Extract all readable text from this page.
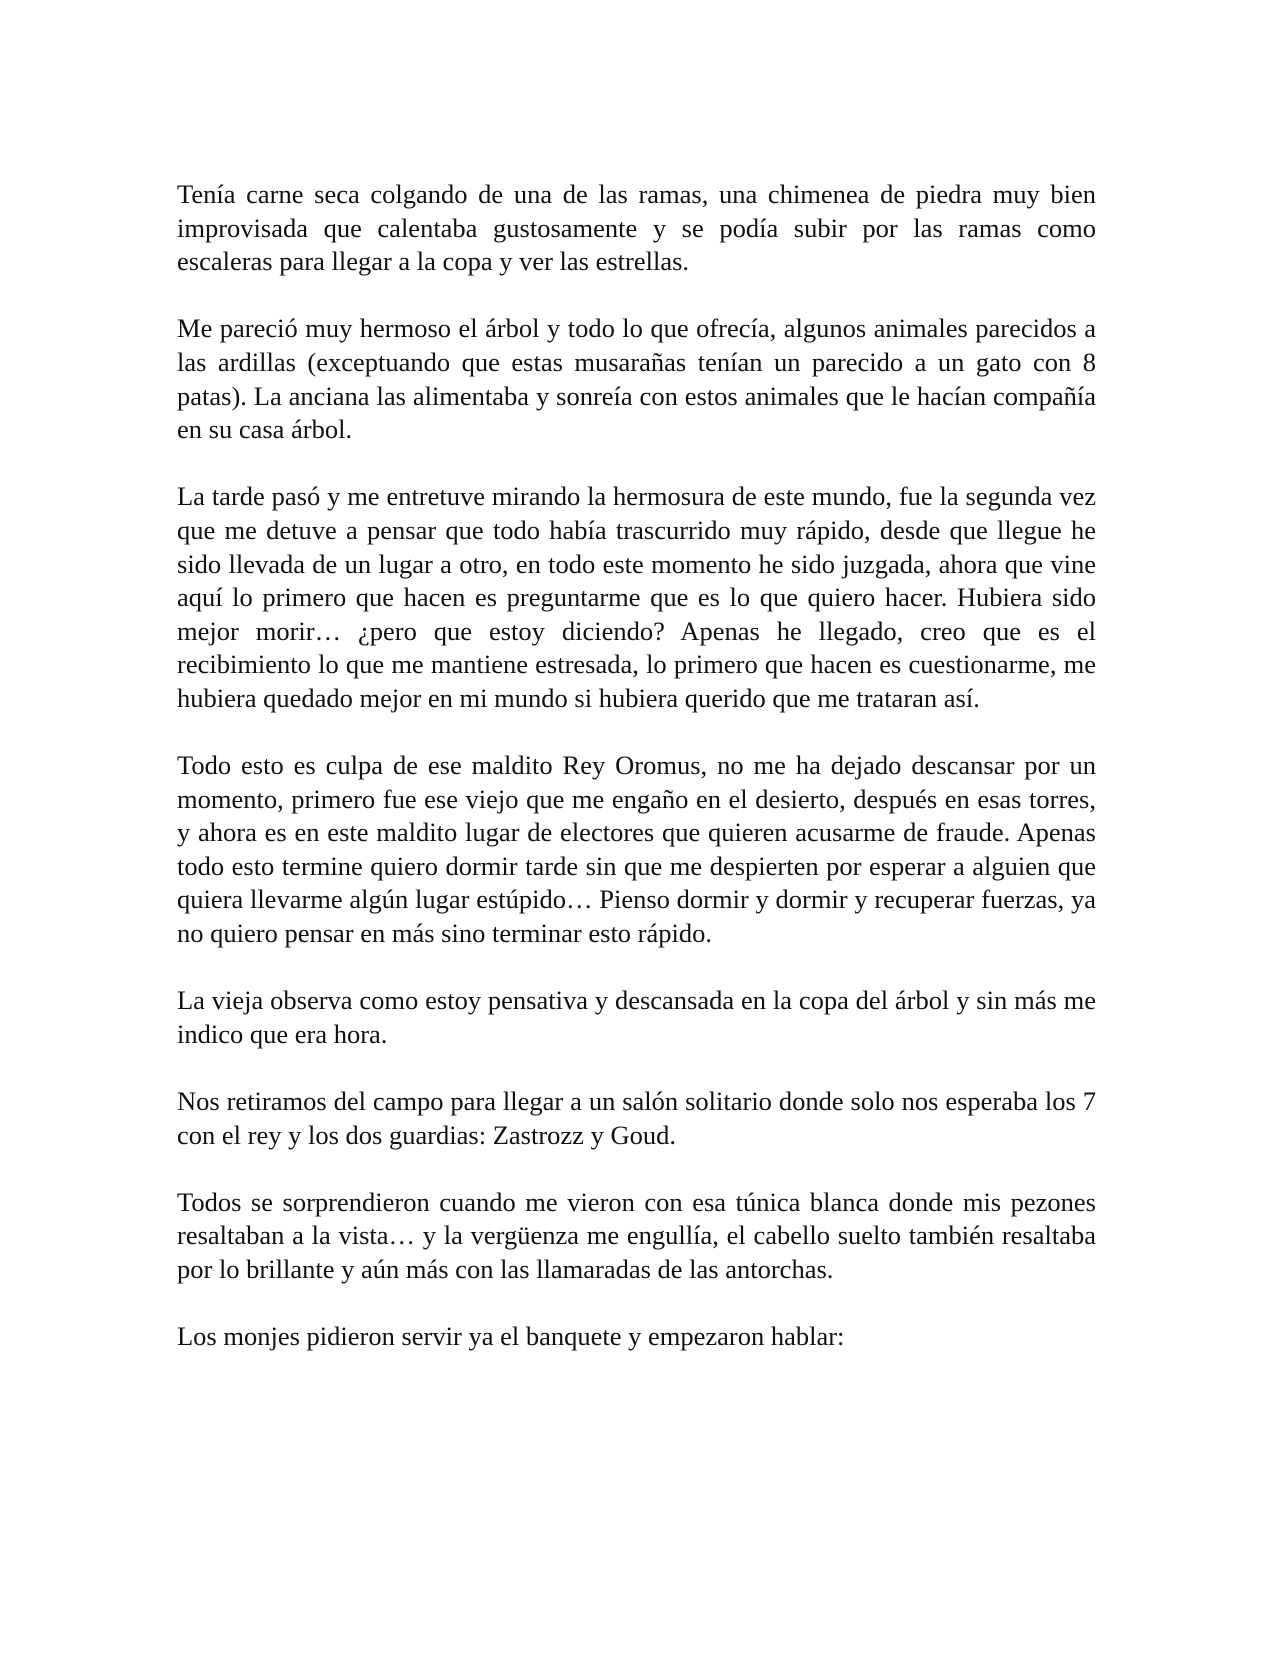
Tenía carne seca colgando de una de las ramas, una chimenea de piedra muy bien improvisada que calentaba gustosamente y se podía subir por las ramas como escaleras para llegar a la copa y ver las estrellas.

Me pareció muy hermoso el árbol y todo lo que ofrecía, algunos animales parecidos a las ardillas (exceptuando que estas musarañas tenían un parecido a un gato con 8 patas). La anciana las alimentaba y sonreía con estos animales que le hacían compañía en su casa árbol.

La tarde pasó y me entretuve mirando la hermosura de este mundo, fue la segunda vez que me detuve a pensar que todo había trascurrido muy rápido, desde que llegue he sido llevada de un lugar a otro, en todo este momento he sido juzgada, ahora que vine aquí lo primero que hacen es preguntarme que es lo que quiero hacer. Hubiera sido mejor morir… ¿pero que estoy diciendo? Apenas he llegado, creo que es el recibimiento lo que me mantiene estresada, lo primero que hacen es cuestionarme, me hubiera quedado mejor en mi mundo si hubiera querido que me trataran así.

Todo esto es culpa de ese maldito Rey Oromus, no me ha dejado descansar por un momento, primero fue ese viejo que me engaño en el desierto, después en esas torres, y ahora es en este maldito lugar de electores que quieren acusarme de fraude. Apenas todo esto termine quiero dormir tarde sin que me despierten por esperar a alguien que quiera llevarme algún lugar estúpido… Pienso dormir y dormir y recuperar fuerzas, ya no quiero pensar en más sino terminar esto rápido.

La vieja observa como estoy pensativa y descansada en la copa del árbol y sin más me indico que era hora.

Nos retiramos del campo para llegar a un salón solitario donde solo nos esperaba los 7 con el rey y los dos guardias: Zastrozz y Goud.

Todos se sorprendieron cuando me vieron con esa túnica blanca donde mis pezones resaltaban a la vista… y la vergüenza me engullía, el cabello suelto también resaltaba por lo brillante y aún más con las llamaradas de las antorchas.

Los monjes pidieron servir ya el banquete y empezaron hablar:
